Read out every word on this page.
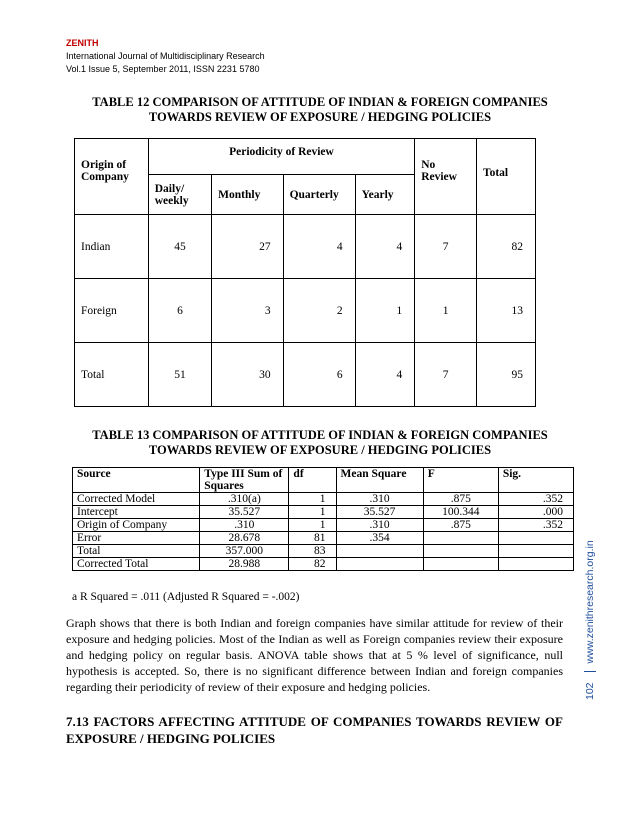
ZENITH
International Journal of Multidisciplinary Research
Vol.1 Issue 5, September 2011, ISSN 2231 5780
TABLE 12 COMPARISON OF ATTITUDE OF INDIAN & FOREIGN COMPANIES
TOWARDS REVIEW OF EXPOSURE / HEDGING POLICIES
Origin of Company	Periodicity of Review				No Review	Total
	Daily/ weekly	Monthly	Quarterly	Yearly		
Indian	45	27	4	4	7	82
Foreign	6	3	2	1	1	13
Total	51	30	6	4	7	95
TABLE 13 COMPARISON OF ATTITUDE OF INDIAN & FOREIGN COMPANIES
TOWARDS REVIEW OF EXPOSURE / HEDGING POLICIES
Source	Type III Sum of Squares	df	Mean Square	F	Sig.
Corrected Model	.310(a)	1	.310	.875	.352
Intercept	35.527	1	35.527	100.344	.000
Origin of Company	.310	1	.310	.875	.352
Error	28.678	81	.354		
Total	357.000	83			
Corrected Total	28.988	82			
a R Squared = .011 (Adjusted R Squared = -.002)
Graph shows that there is both Indian and foreign companies have similar attitude for review of their exposure and hedging policies. Most of the Indian as well as Foreign companies review their exposure and hedging policy on regular basis. ANOVA table shows that at 5 % level of significance, null hypothesis is accepted. So, there is no significant difference between Indian and foreign companies regarding their periodicity of review of their exposure and hedging policies.
7.13 FACTORS AFFECTING ATTITUDE OF COMPANIES TOWARDS REVIEW OF EXPOSURE / HEDGING POLICIES
102www.zenithresearch.org.in
